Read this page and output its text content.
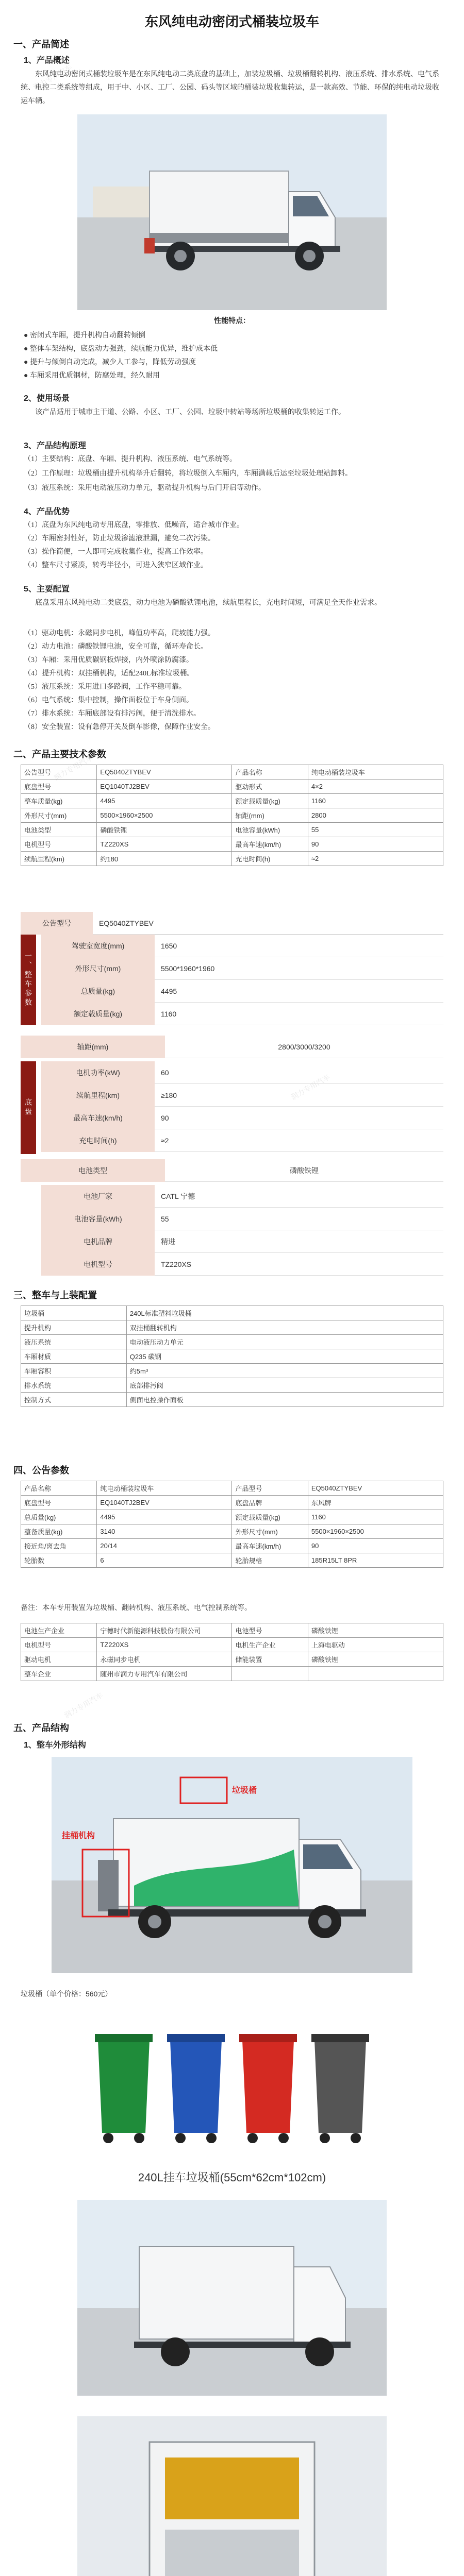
润力专用汽车
润力专用汽车
润力专用汽车
润力专用汽车
东风纯电动密闭式桶装垃圾车
一、产品简述
1、产品概述
东风纯电动密闭式桶装垃圾车是在东风纯电动二类底盘的基础上，加装垃圾桶、垃圾桶翻转机构、液压系统、排水系统、电气系统、电控二类系统等组成，用于中、小区、工厂、公园、码头等区域的桶装垃圾收集转运，是一款高效、节能、环保的纯电动垃圾收运车辆。
性能特点：
● 密闭式车厢，提升机构自动翻转倾倒
● 整体车架结构，底盘动力强劲，续航能力优异，维护成本低
● 提升与倾倒自动完成，减少人工参与，降低劳动强度
● 车厢采用优质钢材，防腐处理，经久耐用
2、使用场景
该产品适用于城市主干道、公路、小区、工厂、公园、垃圾中转站等场所垃圾桶的收集转运工作。
3、产品结构原理
（1）主要结构：底盘、车厢、提升机构、液压系统、电气系统等。
（2）工作原理：垃圾桶由提升机构举升后翻转，将垃圾倒入车厢内，车厢满载后运至垃圾处理站卸料。
（3）液压系统：采用电动液压动力单元，驱动提升机构与后门开启等动作。
4、产品优势
（1）底盘为东风纯电动专用底盘，零排放、低噪音，适合城市作业。
（2）车厢密封性好，防止垃圾渗滤液泄漏，避免二次污染。
（3）操作简便，一人即可完成收集作业，提高工作效率。
（4）整车尺寸紧凑，转弯半径小，可进入狭窄区域作业。
5、主要配置
底盘采用东风纯电动二类底盘，动力电池为磷酸铁锂电池，续航里程长，充电时间短，可满足全天作业需求。
（1）驱动电机：永磁同步电机，峰值功率高，爬坡能力强。
（2）动力电池：磷酸铁锂电池，安全可靠，循环寿命长。
（3）车厢：采用优质碳钢板焊接，内外喷涂防腐漆。
（4）提升机构：双挂桶机构，适配240L标准垃圾桶。
（5）液压系统：采用进口多路阀，工作平稳可靠。
（6）电气系统：集中控制，操作面板位于车身侧面。
（7）排水系统：车厢底部设有排污阀，便于清洗排水。
（8）安全装置：设有急停开关及倒车影像，保障作业安全。
二、产品主要技术参数
公告型号	EQ5040ZTYBEV	产品名称	纯电动桶装垃圾车
底盘型号	EQ1040TJ2BEV	驱动形式	4×2
整车质量(kg)	4495	额定载质量(kg)	1160
外形尺寸(mm)	5500×1960×2500	轴距(mm)	2800
电池类型	磷酸铁锂	电池容量(kWh)	55
电机型号	TZ220XS	最高车速(km/h)	90
续航里程(km)	约180	充电时间(h)	≈2
公告型号	EQ5040ZTYBEV
一、整车参数
驾驶室宽度(mm)	1650
外形尺寸(mm)	5500*1960*1960
总质量(kg)	4495
额定载质量(kg)	1160
轴距(mm)	2800/3000/3200
底盘
电机功率(kW)	60
续航里程(km)	≥180
最高车速(km/h)	90
充电时间(h)	≈2
电池类型	磷酸铁锂
电池厂家	CATL 宁德
电池容量(kWh)	55
电机品牌	精进
电机型号	TZ220XS
三、整车与上装配置
垃圾桶	240L标准塑料垃圾桶
提升机构	双挂桶翻转机构
液压系统	电动液压动力单元
车厢材质	Q235 碳钢
车厢容积	约5m³
排水系统	底部排污阀
控制方式	侧面电控操作面板
四、公告参数
产品名称	纯电动桶装垃圾车	产品型号	EQ5040ZTYBEV
底盘型号	EQ1040TJ2BEV	底盘品牌	东风牌
总质量(kg)	4495	额定载质量(kg)	1160
整备质量(kg)	3140	外形尺寸(mm)	5500×1960×2500
接近角/离去角	20/14	最高车速(km/h)	90
轮胎数	6	轮胎规格	185R15LT 8PR
备注：本车专用装置为垃圾桶、翻转机构、液压系统、电气控制系统等。
电池生产企业	宁德时代新能源科技股份有限公司	电池型号	磷酸铁锂
电机型号	TZ220XS	电机生产企业	上海电驱动
驱动电机	永磁同步电机	储能装置	磷酸铁锂
整车企业	随州市润力专用汽车有限公司		
五、产品结构
1、整车外形结构
垃圾桶
挂桶机构
垃圾桶（单个价格：560元）
240L挂车垃圾桶(55cm*62cm*102cm)
